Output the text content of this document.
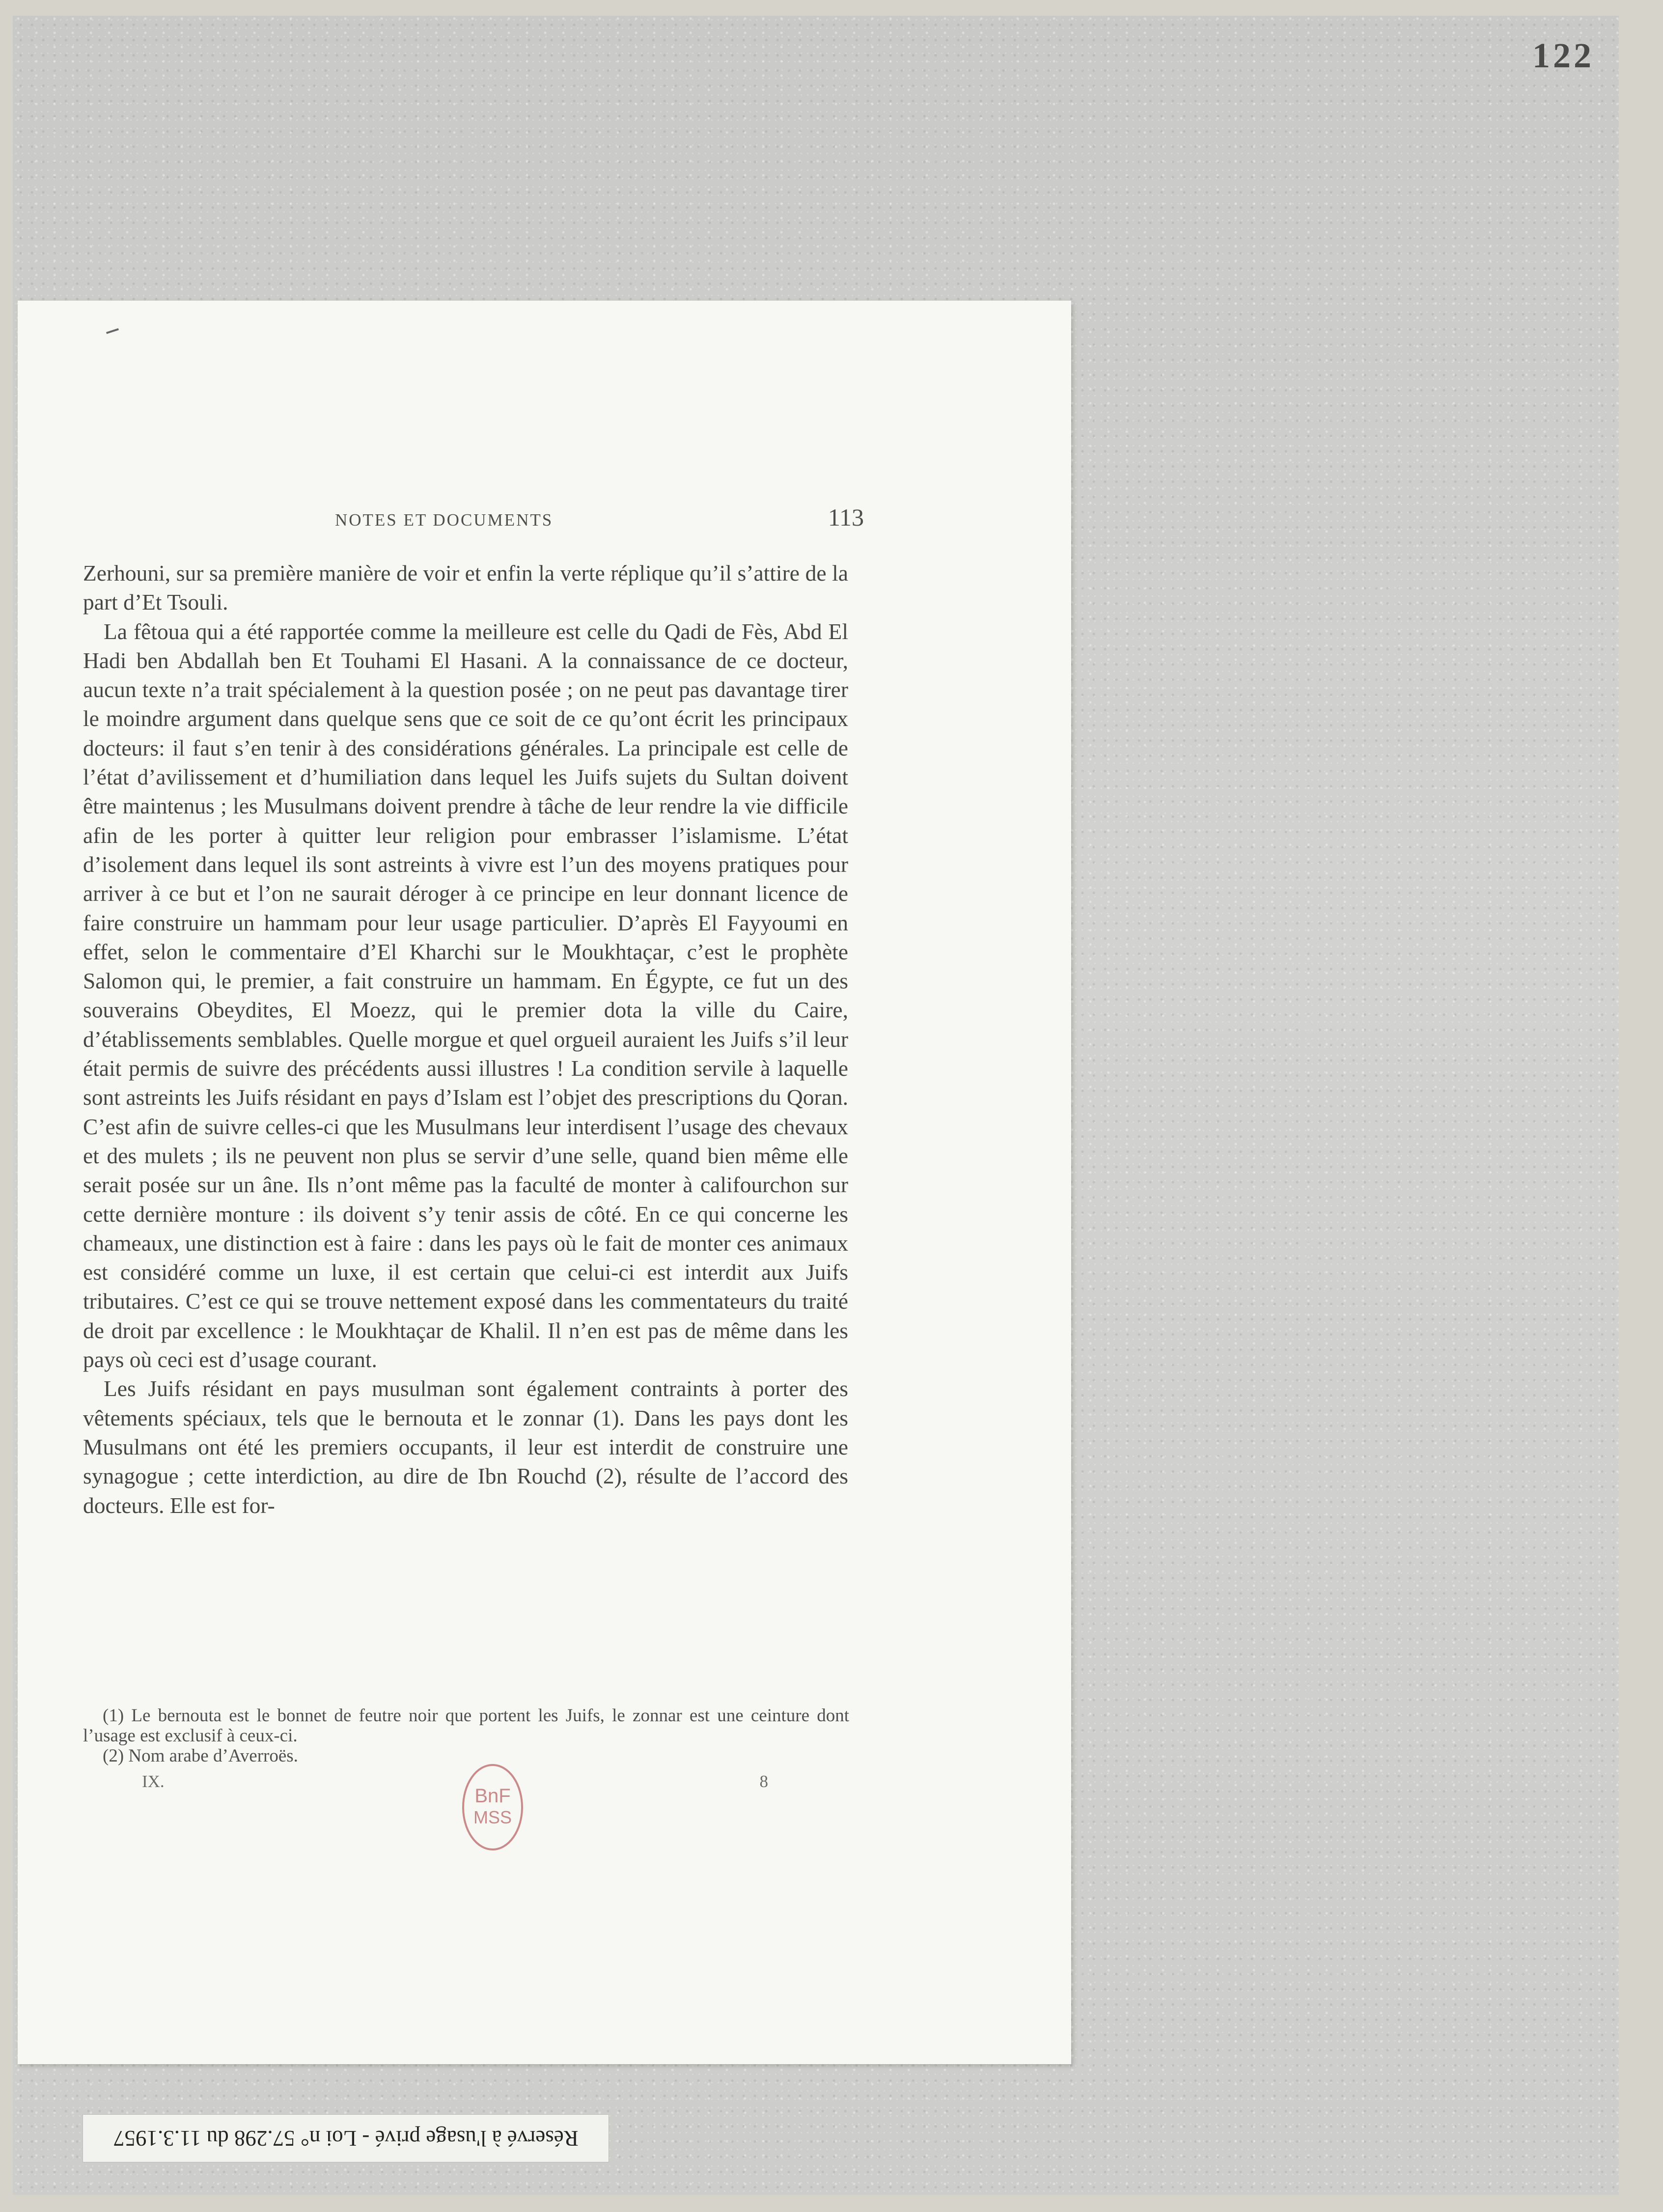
122
NOTES ET DOCUMENTS	113

Zerhouni, sur sa première manière de voir et enfin la verte réplique qu’il s’attire de la part d’Et Tsouli.

La fêtoua qui a été rapportée comme la meilleure est celle du Qadi de Fès, Abd El Hadi ben Abdallah ben Et Touhami El Hasani. A la connaissance de ce docteur, aucun texte n’a trait spécialement à la question posée ; on ne peut pas davantage tirer le moindre argument dans quelque sens que ce soit de ce qu’ont écrit les principaux docteurs: il faut s’en tenir à des considérations générales. La principale est celle de l’état d’avilissement et d’humiliation dans lequel les Juifs sujets du Sultan doivent être maintenus ; les Musulmans doivent prendre à tâche de leur rendre la vie difficile afin de les porter à quitter leur religion pour embrasser l’islamisme. L’état d’isolement dans lequel ils sont astreints à vivre est l’un des moyens pratiques pour arriver à ce but et l’on ne saurait déroger à ce principe en leur donnant licence de faire construire un hammam pour leur usage particulier. D’après El Fayyoumi en effet, selon le commentaire d’El Kharchi sur le Moukhtaçar, c’est le prophète Salomon qui, le premier, a fait construire un hammam. En Égypte, ce fut un des souverains Obeydites, El Moezz, qui le premier dota la ville du Caire, d’établissements semblables. Quelle morgue et quel orgueil auraient les Juifs s’il leur était permis de suivre des précédents aussi illustres ! La condition servile à laquelle sont astreints les Juifs résidant en pays d’Islam est l’objet des prescriptions du Qoran. C’est afin de suivre celles-ci que les Musulmans leur interdisent l’usage des chevaux et des mulets ; ils ne peuvent non plus se servir d’une selle, quand bien même elle serait posée sur un âne. Ils n’ont même pas la faculté de monter à califourchon sur cette dernière monture : ils doivent s’y tenir assis de côté. En ce qui concerne les chameaux, une distinction est à faire : dans les pays où le fait de monter ces animaux est considéré comme un luxe, il est certain que celui-ci est interdit aux Juifs tributaires. C’est ce qui se trouve nettement exposé dans les commentateurs du traité de droit par excellence : le Moukhtaçar de Khalil. Il n’en est pas de même dans les pays où ceci est d’usage courant.

Les Juifs résidant en pays musulman sont également contraints à porter des vêtements spéciaux, tels que le bernouta et le zonnar (1). Dans les pays dont les Musulmans ont été les premiers occupants, il leur est interdit de construire une synagogue ; cette interdiction, au dire de Ibn Rouchd (2), résulte de l’accord des docteurs. Elle est for-

(1) Le bernouta est le bonnet de feutre noir que portent les Juifs, le zonnar est une ceinture dont l’usage est exclusif à ceux-ci.

(2) Nom arabe d’Averroës.

IX.	8
BnF
MSS
Réservé à l'usage privé - Loi n° 57.298 du 11.3.1957
